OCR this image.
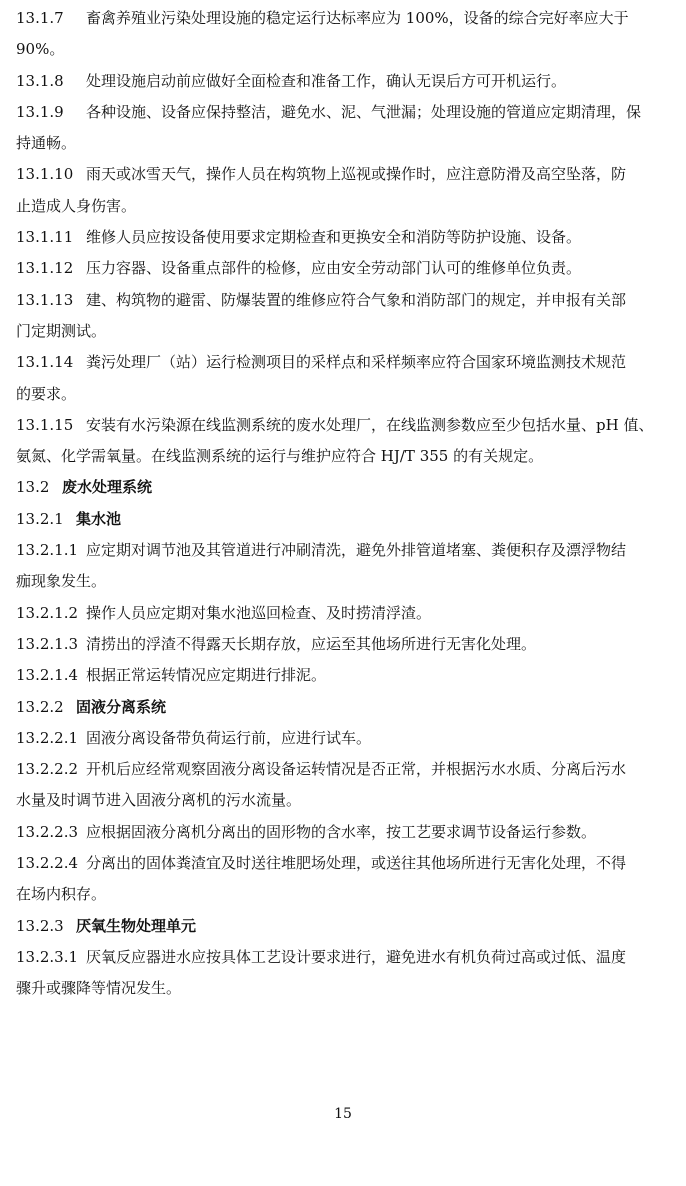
13.1.7 畜禽养殖业污染处理设施的稳定运行达标率应为 100%，设备的综合完好率应大于

90%。

13.1.8 处理设施启动前应做好全面检查和准备工作，确认无误后方可开机运行。

13.1.9 各种设施、设备应保持整洁，避免水、泥、气泄漏；处理设施的管道应定期清理，保

持通畅。

13.1.10 雨天或冰雪天气，操作人员在构筑物上巡视或操作时，应注意防滑及高空坠落，防

止造成人身伤害。

13.1.11 维修人员应按设备使用要求定期检查和更换安全和消防等防护设施、设备。

13.1.12 压力容器、设备重点部件的检修，应由安全劳动部门认可的维修单位负责。

13.1.13 建、构筑物的避雷、防爆装置的维修应符合气象和消防部门的规定，并申报有关部

门定期测试。

13.1.14 粪污处理厂（站）运行检测项目的采样点和采样频率应符合国家环境监测技术规范

的要求。

13.1.15 安装有水污染源在线监测系统的废水处理厂，在线监测参数应至少包括水量、pH 值、

氨氮、化学需氧量。在线监测系统的运行与维护应符合 HJ/T 355 的有关规定。

13.2 废水处理系统

13.2.1 集水池

13.2.1.1 应定期对调节池及其管道进行冲刷清洗，避免外排管道堵塞、粪便积存及漂浮物结

痂现象发生。

13.2.1.2 操作人员应定期对集水池巡回检查、及时捞清浮渣。

13.2.1.3 清捞出的浮渣不得露天长期存放，应运至其他场所进行无害化处理。

13.2.1.4 根据正常运转情况应定期进行排泥。

13.2.2 固液分离系统

13.2.2.1 固液分离设备带负荷运行前，应进行试车。

13.2.2.2 开机后应经常观察固液分离设备运转情况是否正常，并根据污水水质、分离后污水

水量及时调节进入固液分离机的污水流量。

13.2.2.3 应根据固液分离机分离出的固形物的含水率，按工艺要求调节设备运行参数。

13.2.2.4 分离出的固体粪渣宜及时送往堆肥场处理，或送往其他场所进行无害化处理，不得

在场内积存。

13.2.3 厌氧生物处理单元

13.2.3.1 厌氧反应器进水应按具体工艺设计要求进行，避免进水有机负荷过高或过低、温度

骤升或骤降等情况发生。

15
